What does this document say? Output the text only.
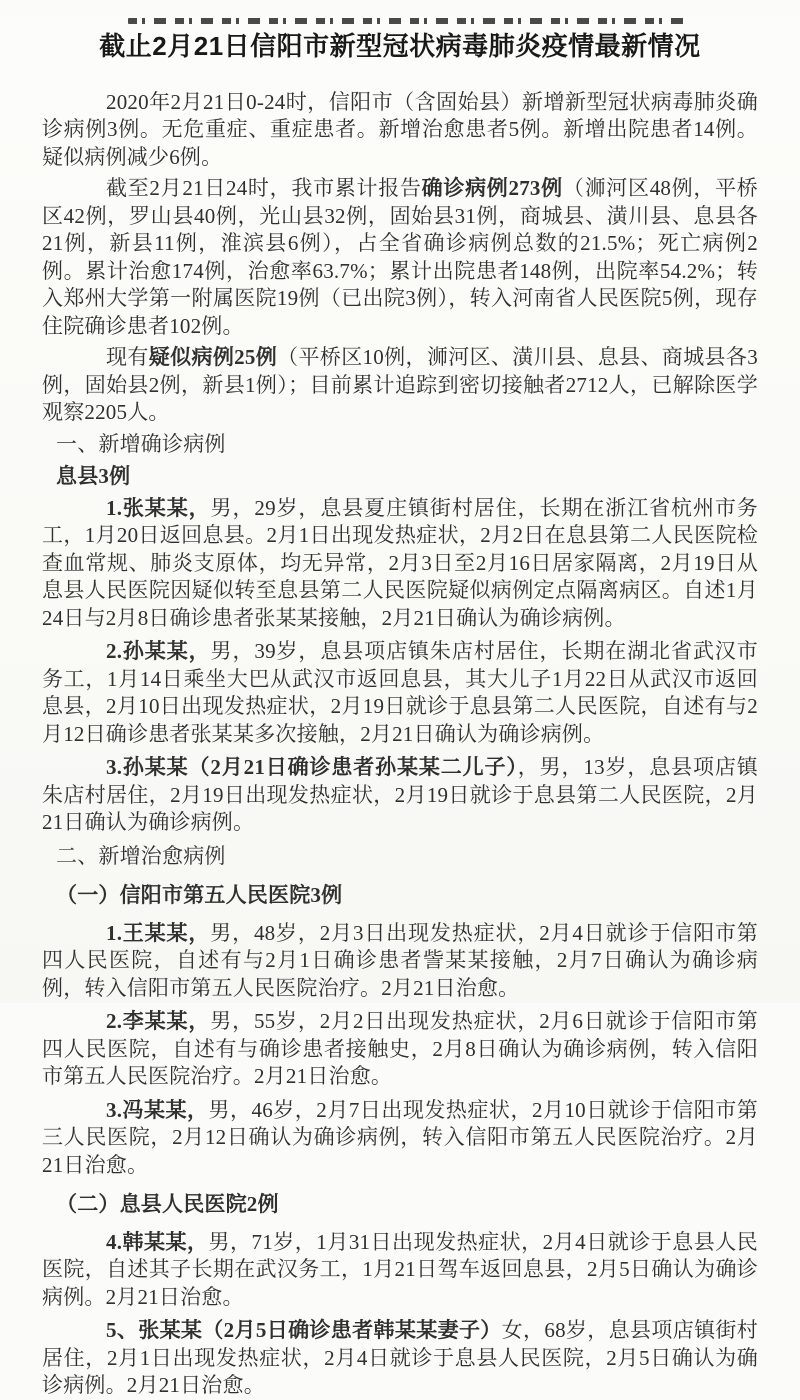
截止2月21日信阳市新型冠状病毒肺炎疫情最新情况

2020年2月21日0-24时，信阳市（含固始县）新增新型冠状病毒肺炎确诊病例3例。无危重症、重症患者。新增治愈患者5例。新增出院患者14例。疑似病例减少6例。

截至2月21日24时，我市累计报告确诊病例273例（浉河区48例，平桥区42例，罗山县40例，光山县32例，固始县31例，商城县、潢川县、息县各21例，新县11例，淮滨县6例），占全省确诊病例总数的21.5%；死亡病例2例。累计治愈174例，治愈率63.7%；累计出院患者148例，出院率54.2%；转入郑州大学第一附属医院19例（已出院3例），转入河南省人民医院5例，现存住院确诊患者102例。

现有疑似病例25例（平桥区10例，浉河区、潢川县、息县、商城县各3例，固始县2例，新县1例）；目前累计追踪到密切接触者2712人，已解除医学观察2205人。

一、新增确诊病例

息县3例

1.张某某，男，29岁，息县夏庄镇街村居住，长期在浙江省杭州市务工，1月20日返回息县。2月1日出现发热症状，2月2日在息县第二人民医院检查血常规、肺炎支原体，均无异常，2月3日至2月16日居家隔离，2月19日从息县人民医院因疑似转至息县第二人民医院疑似病例定点隔离病区。自述1月24日与2月8日确诊患者张某某接触，2月21日确认为确诊病例。

2.孙某某，男，39岁，息县项店镇朱店村居住，长期在湖北省武汉市务工，1月14日乘坐大巴从武汉市返回息县，其大儿子1月22日从武汉市返回息县，2月10日出现发热症状，2月19日就诊于息县第二人民医院，自述有与2月12日确诊患者张某某多次接触，2月21日确认为确诊病例。

3.孙某某（2月21日确诊患者孙某某二儿子），男，13岁，息县项店镇朱店村居住，2月19日出现发热症状，2月19日就诊于息县第二人民医院，2月21日确认为确诊病例。

二、新增治愈病例

（一）信阳市第五人民医院3例

1.王某某，男，48岁，2月3日出现发热症状，2月4日就诊于信阳市第四人民医院，自述有与2月1日确诊患者訾某某接触，2月7日确认为确诊病例，转入信阳市第五人民医院治疗。2月21日治愈。

2.李某某，男，55岁，2月2日出现发热症状，2月6日就诊于信阳市第四人民医院，自述有与确诊患者接触史，2月8日确认为确诊病例，转入信阳市第五人民医院治疗。2月21日治愈。

3.冯某某，男，46岁，2月7日出现发热症状，2月10日就诊于信阳市第三人民医院，2月12日确认为确诊病例，转入信阳市第五人民医院治疗。2月21日治愈。

（二）息县人民医院2例

4.韩某某，男，71岁，1月31日出现发热症状，2月4日就诊于息县人民医院，自述其子长期在武汉务工，1月21日驾车返回息县，2月5日确认为确诊病例。2月21日治愈。

5、张某某（2月5日确诊患者韩某某妻子）女，68岁，息县项店镇街村居住，2月1日出现发热症状，2月4日就诊于息县人民医院，2月5日确认为确诊病例。2月21日治愈。
